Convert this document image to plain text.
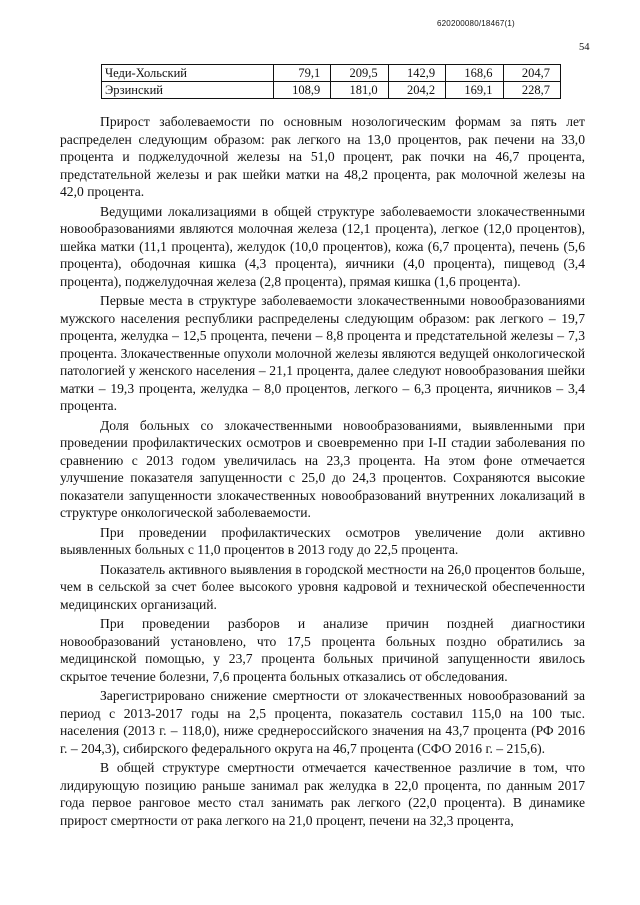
620200080/18467(1)
54
Чеди-Хольский	79,1	209,5	142,9	168,6	204,7
Эрзинский	108,9	181,0	204,2	169,1	228,7

Прирост заболеваемости по основным нозологическим формам за пять лет распределен следующим образом: рак легкого на 13,0 процентов, рак печени на 33,0 процента и поджелудочной железы на 51,0 процент, рак почки на 46,7 процента, предстательной железы и рак шейки матки на 48,2 процента, рак молочной железы на 42,0 процента.

Ведущими локализациями в общей структуре заболеваемости злокачественными новообразованиями являются молочная железа (12,1 процента), легкое (12,0 процентов), шейка матки (11,1 процента), желудок (10,0 процентов), кожа (6,7 процента), печень (5,6 процента), ободочная кишка (4,3 процента), яичники (4,0 процента), пищевод (3,4 процента), поджелудочная железа (2,8 процента), прямая кишка (1,6 процента).

Первые места в структуре заболеваемости злокачественными новообразованиями мужского населения республики распределены следующим образом: рак легкого – 19,7 процента, желудка – 12,5 процента, печени – 8,8 процента и предстательной железы – 7,3 процента. Злокачественные опухоли молочной железы являются ведущей онкологической патологией у женского населения – 21,1 процента, далее следуют новообразования шейки матки – 19,3 процента, желудка – 8,0 процентов, легкого – 6,3 процента, яичников – 3,4 процента.

Доля больных со злокачественными новообразованиями, выявленными при проведении профилактических осмотров и своевременно при I-II стадии заболевания по сравнению с 2013 годом увеличилась на 23,3 процента. На этом фоне отмечается улучшение показателя запущенности с 25,0 до 24,3 процентов. Сохраняются высокие показатели запущенности злокачественных новообразований внутренних локализаций в структуре онкологической заболеваемости.

При проведении профилактических осмотров увеличение доли активно выявленных больных с 11,0 процентов в 2013 году до 22,5 процента.

Показатель активного выявления в городской местности на 26,0 процентов больше, чем в сельской за счет более высокого уровня кадровой и технической обеспеченности медицинских организаций.

При проведении разборов и анализе причин поздней диагностики новообразований установлено, что 17,5 процента больных поздно обратились за медицинской помощью, у 23,7 процента больных причиной запущенности явилось скрытое течение болезни, 7,6 процента больных отказались от обследования.

Зарегистрировано снижение смертности от злокачественных новообразований за период с 2013-2017 годы на 2,5 процента, показатель составил 115,0 на 100 тыс. населения (2013 г. – 118,0), ниже среднероссийского значения на 43,7 процента (РФ 2016 г. – 204,3), сибирского федерального округа на 46,7 процента (СФО 2016 г. – 215,6).

В общей структуре смертности отмечается качественное различие в том, что лидирующую позицию раньше занимал рак желудка в 22,0 процента, по данным 2017 года первое ранговое место стал занимать рак легкого (22,0 процента). В динамике прирост смертности от рака легкого на 21,0 процент, печени на 32,3 процента,
